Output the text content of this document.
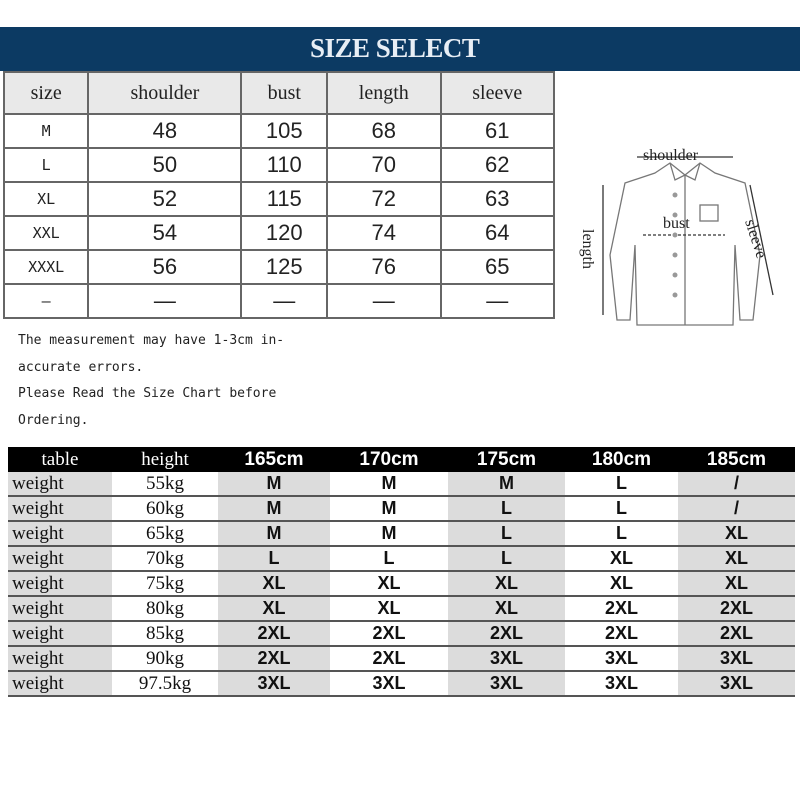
SIZE SELECT
size	shoulder	bust	length	sleeve
M	48	105	68	61
L	50	110	70	62
XL	52	115	72	63
XXL	54	120	74	64
XXXL	56	125	76	65
—	—	—	—	—
shoulder
bust
length	sleeve
The measurement may have 1-3cm in-
accurate errors.
Please Read the Size Chart before
Ordering.
table	height	165cm	170cm	175cm	180cm	185cm
weight	55kg	M	M	M	L	/
weight	60kg	M	M	L	L	/
weight	65kg	M	M	L	L	XL
weight	70kg	L	L	L	XL	XL
weight	75kg	XL	XL	XL	XL	XL
weight	80kg	XL	XL	XL	2XL	2XL
weight	85kg	2XL	2XL	2XL	2XL	2XL
weight	90kg	2XL	2XL	3XL	3XL	3XL
weight	97.5kg	3XL	3XL	3XL	3XL	3XL
